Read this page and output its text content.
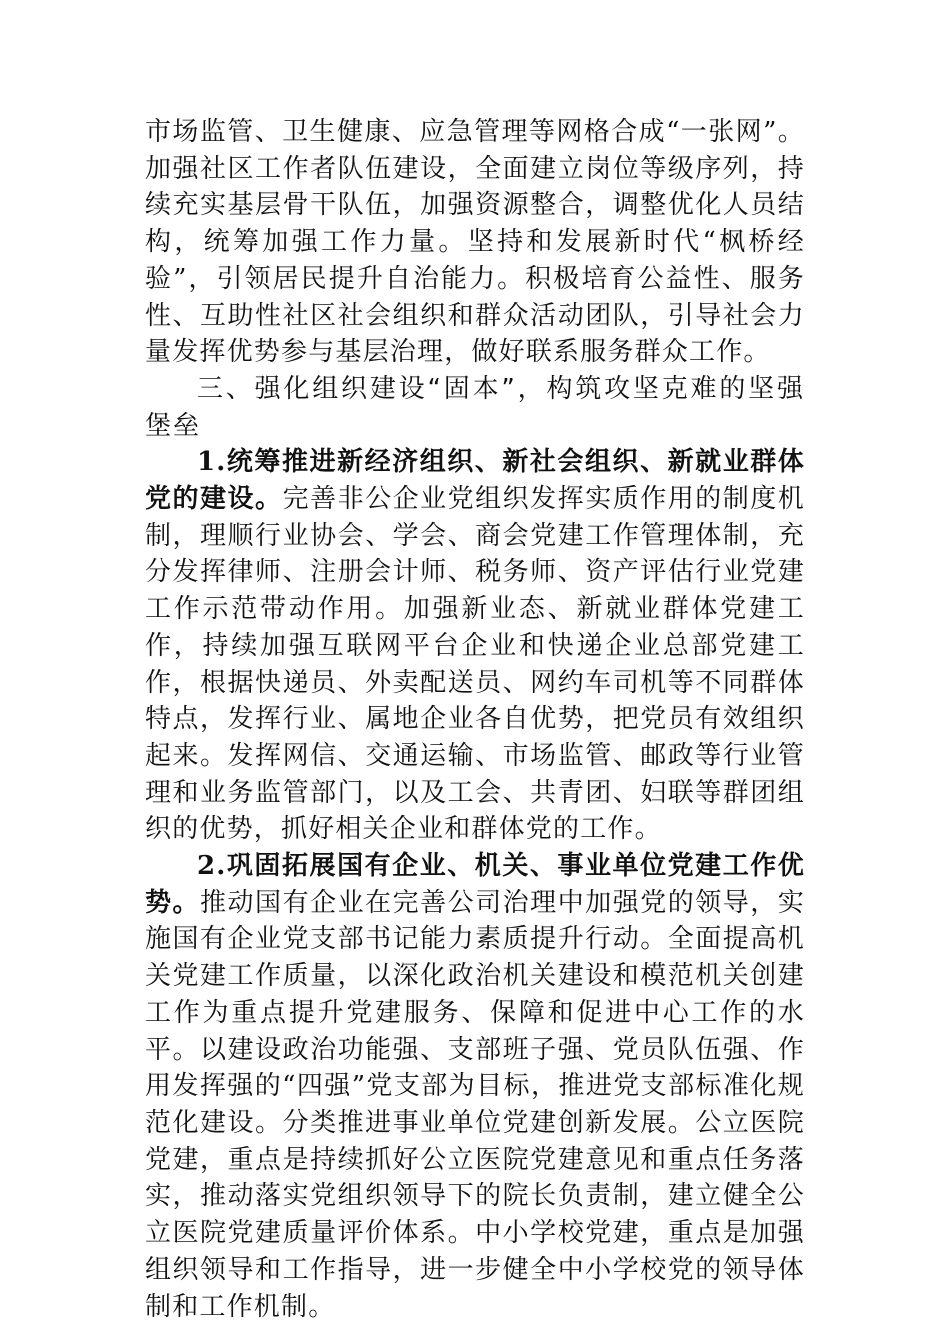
市场监管、卫生健康、应急管理等网格合成“一张网”。加强社区工作者队伍建设，全面建立岗位等级序列，持续充实基层骨干队伍，加强资源整合，调整优化人员结构，统筹加强工作力量。坚持和发展新时代“枫桥经验”，引领居民提升自治能力。积极培育公益性、服务性、互助性社区社会组织和群众活动团队，引导社会力量发挥优势参与基层治理，做好联系服务群众工作。

三、强化组织建设“固本”，构筑攻坚克难的坚强堡垒

1.统筹推进新经济组织、新社会组织、新就业群体党的建设。完善非公企业党组织发挥实质作用的制度机制，理顺行业协会、学会、商会党建工作管理体制，充分发挥律师、注册会计师、税务师、资产评估行业党建工作示范带动作用。加强新业态、新就业群体党建工作，持续加强互联网平台企业和快递企业总部党建工作，根据快递员、外卖配送员、网约车司机等不同群体特点，发挥行业、属地企业各自优势，把党员有效组织起来。发挥网信、交通运输、市场监管、邮政等行业管理和业务监管部门，以及工会、共青团、妇联等群团组织的优势，抓好相关企业和群体党的工作。

2.巩固拓展国有企业、机关、事业单位党建工作优势。推动国有企业在完善公司治理中加强党的领导，实施国有企业党支部书记能力素质提升行动。全面提高机关党建工作质量，以深化政治机关建设和模范机关创建工作为重点提升党建服务、保障和促进中心工作的水平。以建设政治功能强、支部班子强、党员队伍强、作用发挥强的“四强”党支部为目标，推进党支部标准化规范化建设。分类推进事业单位党建创新发展。公立医院党建，重点是持续抓好公立医院党建意见和重点任务落实，推动落实党组织领导下的院长负责制，建立健全公立医院党建质量评价体系。中小学校党建，重点是加强组织领导和工作指导，进一步健全中小学校党的领导体制和工作机制。
